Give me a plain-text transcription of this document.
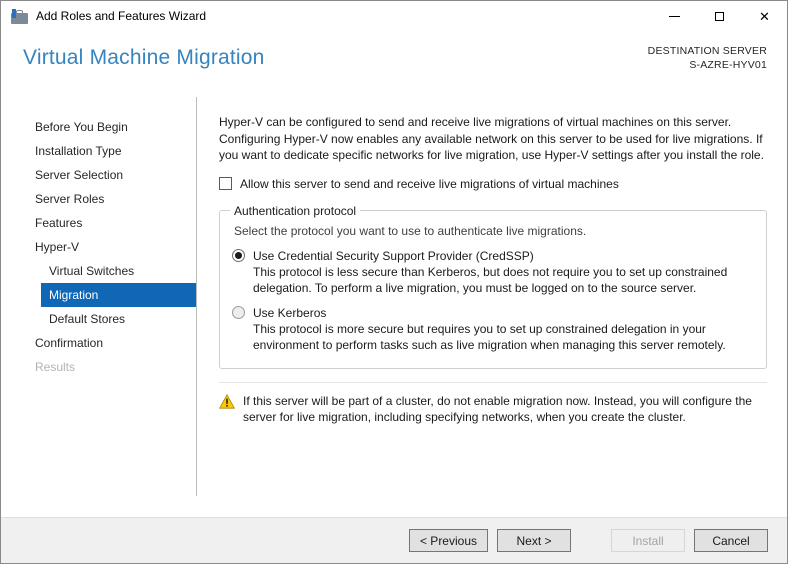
Add Roles and Features Wizard	✕
Virtual Machine Migration	DESTINATION SERVER
S-AZRE-HYV01
Before You Begin
Installation Type
Server Selection
Server Roles
Features
Hyper-V
Virtual Switches
Migration
Default Stores
Confirmation
Results
Hyper-V can be configured to send and receive live migrations of virtual machines on this server. Configuring Hyper-V now enables any available network on this server to be used for live migrations. If you want to dedicate specific networks for live migration, use Hyper-V settings after you install the role.
Allow this server to send and receive live migrations of virtual machines
Authentication protocol
Select the protocol you want to use to authenticate live migrations.
Use Credential Security Support Provider (CredSSP)
This protocol is less secure than Kerberos, but does not require you to set up constrained delegation. To perform a live migration, you must be logged on to the source server.
Use Kerberos
This protocol is more secure but requires you to set up constrained delegation in your environment to perform tasks such as live migration when managing this server remotely.
If this server will be part of a cluster, do not enable migration now. Instead, you will configure the server for live migration, including specifying networks, when you create the cluster.
< Previous	Next >	Install	Cancel
